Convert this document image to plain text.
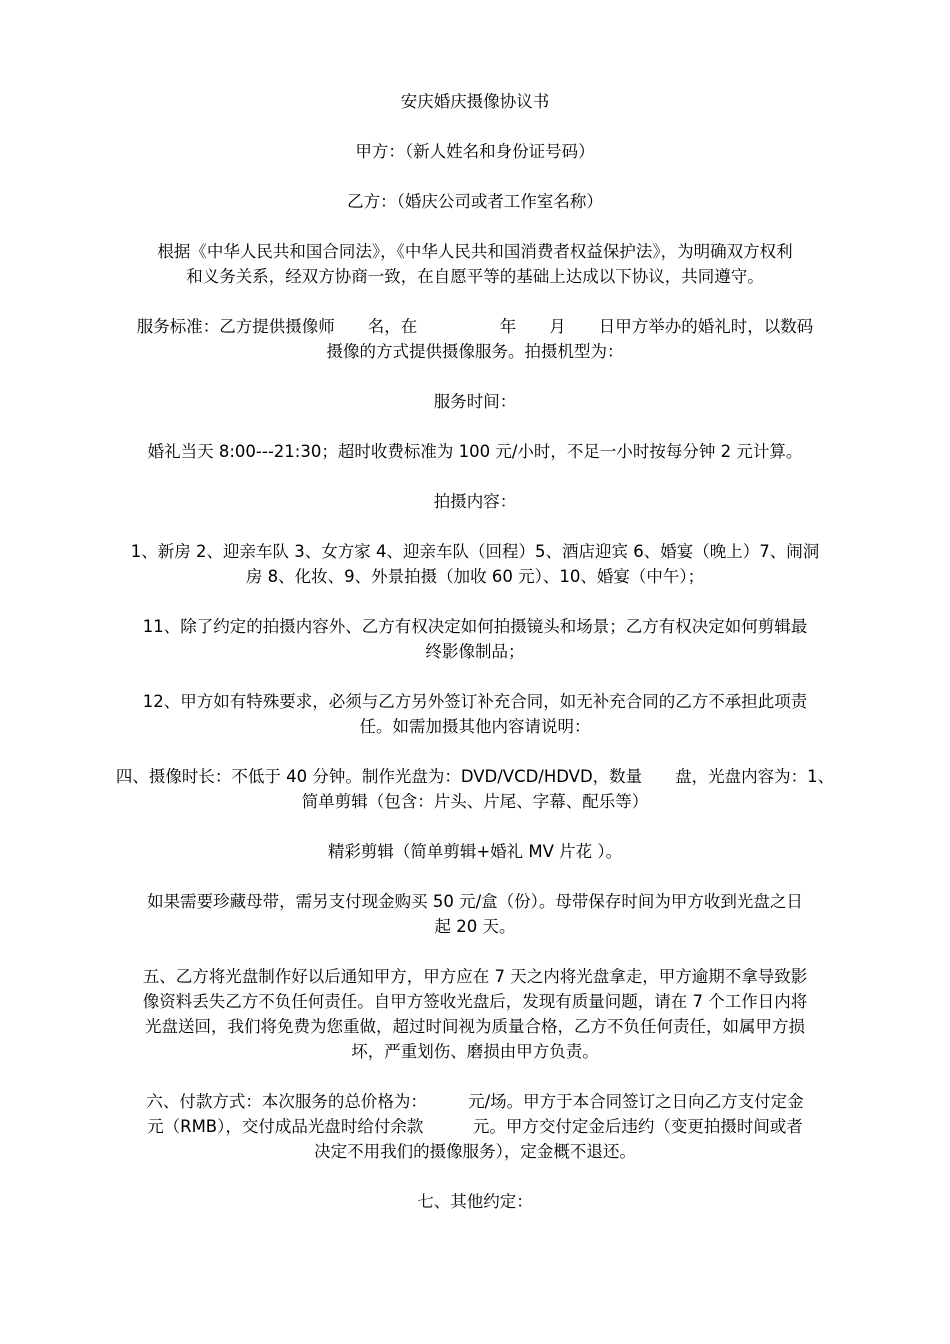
安庆婚庆摄像协议书
甲方：（新人姓名和身份证号码）
乙方：（婚庆公司或者工作室名称）
根据《中华人民共和国合同法》，《中华人民共和国消费者权益保护法》，为明确双方权利
和义务关系，经双方协商一致，在自愿平等的基础上达成以下协议，共同遵守。
服务标准：乙方提供摄像师　　名，在　　　　　年　　月　　日甲方举办的婚礼时，以数码
摄像的方式提供摄像服务。拍摄机型为：
服务时间：
婚礼当天 8:00---21:30；超时收费标准为 100 元/小时，不足一小时按每分钟 2 元计算。
拍摄内容：
1、新房 2、迎亲车队 3、女方家 4、迎亲车队（回程）5、酒店迎宾 6、婚宴（晚上）7、闹洞
房 8、化妆、9、外景拍摄（加收 60 元）、10、婚宴（中午）；
11、除了约定的拍摄内容外、乙方有权决定如何拍摄镜头和场景；乙方有权决定如何剪辑最
终影像制品；
12、甲方如有特殊要求，必须与乙方另外签订补充合同，如无补充合同的乙方不承担此项责
任。如需加摄其他内容请说明：
四、摄像时长：不低于 40 分钟。制作光盘为：DVD/VCD/HDVD，数量　　盘，光盘内容为：1、
简单剪辑（包含：片头、片尾、字幕、配乐等）
精彩剪辑（简单剪辑+婚礼 MV 片花 ）。
如果需要珍藏母带，需另支付现金购买 50 元/盒（份）。母带保存时间为甲方收到光盘之日
起 20 天。
五、乙方将光盘制作好以后通知甲方，甲方应在 7 天之内将光盘拿走，甲方逾期不拿导致影
像资料丢失乙方不负任何责任。自甲方签收光盘后，发现有质量问题，请在 7 个工作日内将
光盘送回，我们将免费为您重做，超过时间视为质量合格，乙方不负任何责任，如属甲方损
坏，严重划伤、磨损由甲方负责。
六、付款方式：本次服务的总价格为：　　　元/场。甲方于本合同签订之日向乙方支付定金
元（RMB），交付成品光盘时给付余款　　　元。甲方交付定金后违约（变更拍摄时间或者
决定不用我们的摄像服务），定金概不退还。
七、其他约定：
